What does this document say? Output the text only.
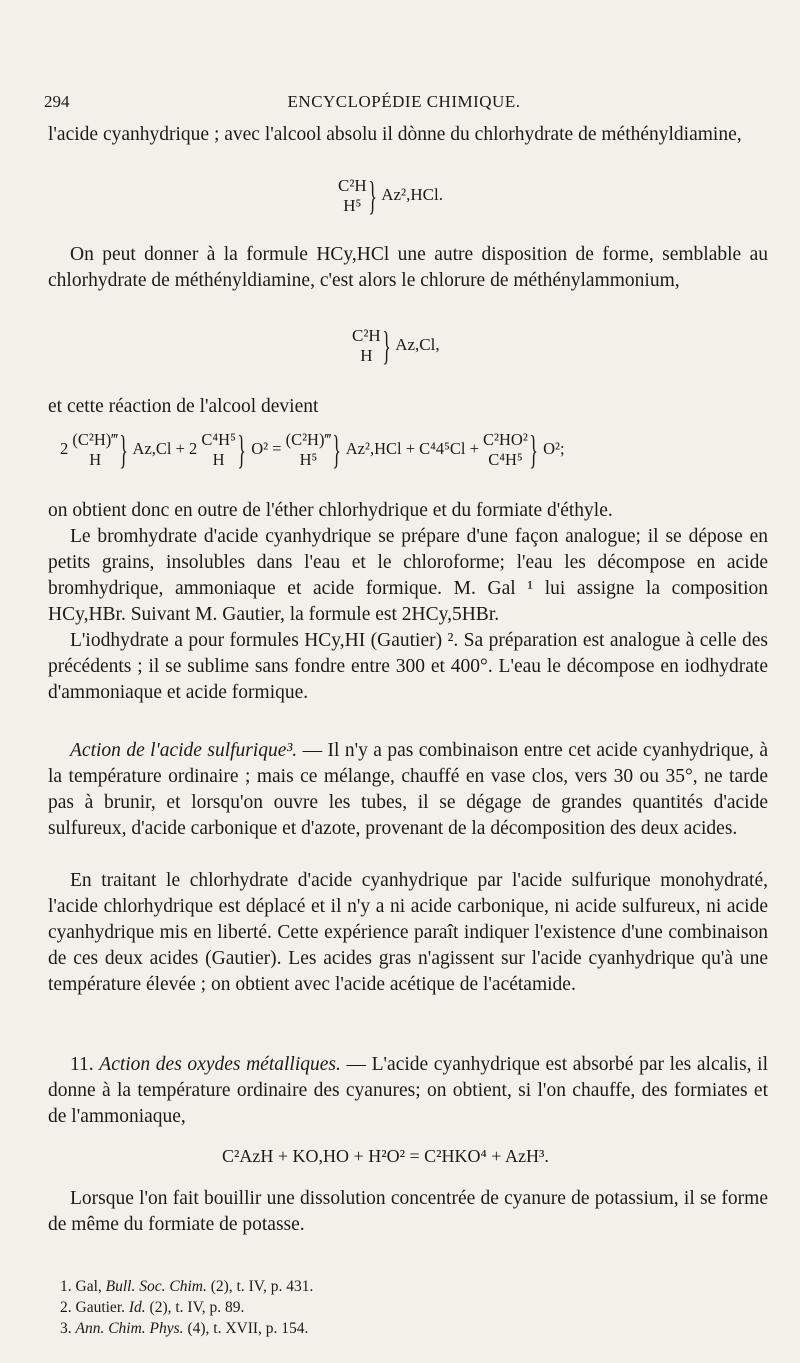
294	ENCYCLOPÉDIE CHIMIQUE.

l'acide cyanhydrique ; avec l'alcool absolu il dònne du chlorhydrate de méthényldiamine,

C²H
H⁵ } Az²,HCl.

On peut donner à la formule HCy,HCl une autre disposition de forme, semblable au chlorhydrate de méthényldiamine, c'est alors le chlorure de méthénylammonium,

C²H
H } Az,Cl,

et cette réaction de l'alcool devient

2 (C²H)‴
H } Az,Cl + 2 C⁴H⁵
H } O² = (C²H)‴
H⁵ } Az²,HCl + C⁴4⁵Cl + C²HO²
C⁴H⁵ } O²;

on obtient donc en outre de l'éther chlorhydrique et du formiate d'éthyle.

Le bromhydrate d'acide cyanhydrique se prépare d'une façon analogue; il se dépose en petits grains, insolubles dans l'eau et le chloroforme; l'eau les décompose en acide bromhydrique, ammoniaque et acide formique. M. Gal ¹ lui assigne la composition HCy,HBr. Suivant M. Gautier, la formule est 2HCy,5HBr.

L'iodhydrate a pour formules HCy,HI (Gautier) ². Sa préparation est analogue à celle des précédents ; il se sublime sans fondre entre 300 et 400°. L'eau le décompose en iodhydrate d'ammoniaque et acide formique.

Action de l'acide sulfurique³. — Il n'y a pas combinaison entre cet acide cyanhydrique, à la température ordinaire ; mais ce mélange, chauffé en vase clos, vers 30 ou 35°, ne tarde pas à brunir, et lorsqu'on ouvre les tubes, il se dégage de grandes quantités d'acide sulfureux, d'acide carbonique et d'azote, provenant de la décomposition des deux acides.

En traitant le chlorhydrate d'acide cyanhydrique par l'acide sulfurique monohydraté, l'acide chlorhydrique est déplacé et il n'y a ni acide carbonique, ni acide sulfureux, ni acide cyanhydrique mis en liberté. Cette expérience paraît indiquer l'existence d'une combinaison de ces deux acides (Gautier). Les acides gras n'agissent sur l'acide cyanhydrique qu'à une température élevée ; on obtient avec l'acide acétique de l'acétamide.

11. Action des oxydes métalliques. — L'acide cyanhydrique est absorbé par les alcalis, il donne à la température ordinaire des cyanures; on obtient, si l'on chauffe, des formiates et de l'ammoniaque,

C²AzH + KO,HO + H²O² = C²HKO⁴ + AzH³.

Lorsque l'on fait bouillir une dissolution concentrée de cyanure de potassium, il se forme de même du formiate de potasse.

1. Gal, Bull. Soc. Chim. (2), t. IV, p. 431.
2. Gautier. Id. (2), t. IV, p. 89.
3. Ann. Chim. Phys. (4), t. XVII, p. 154.
